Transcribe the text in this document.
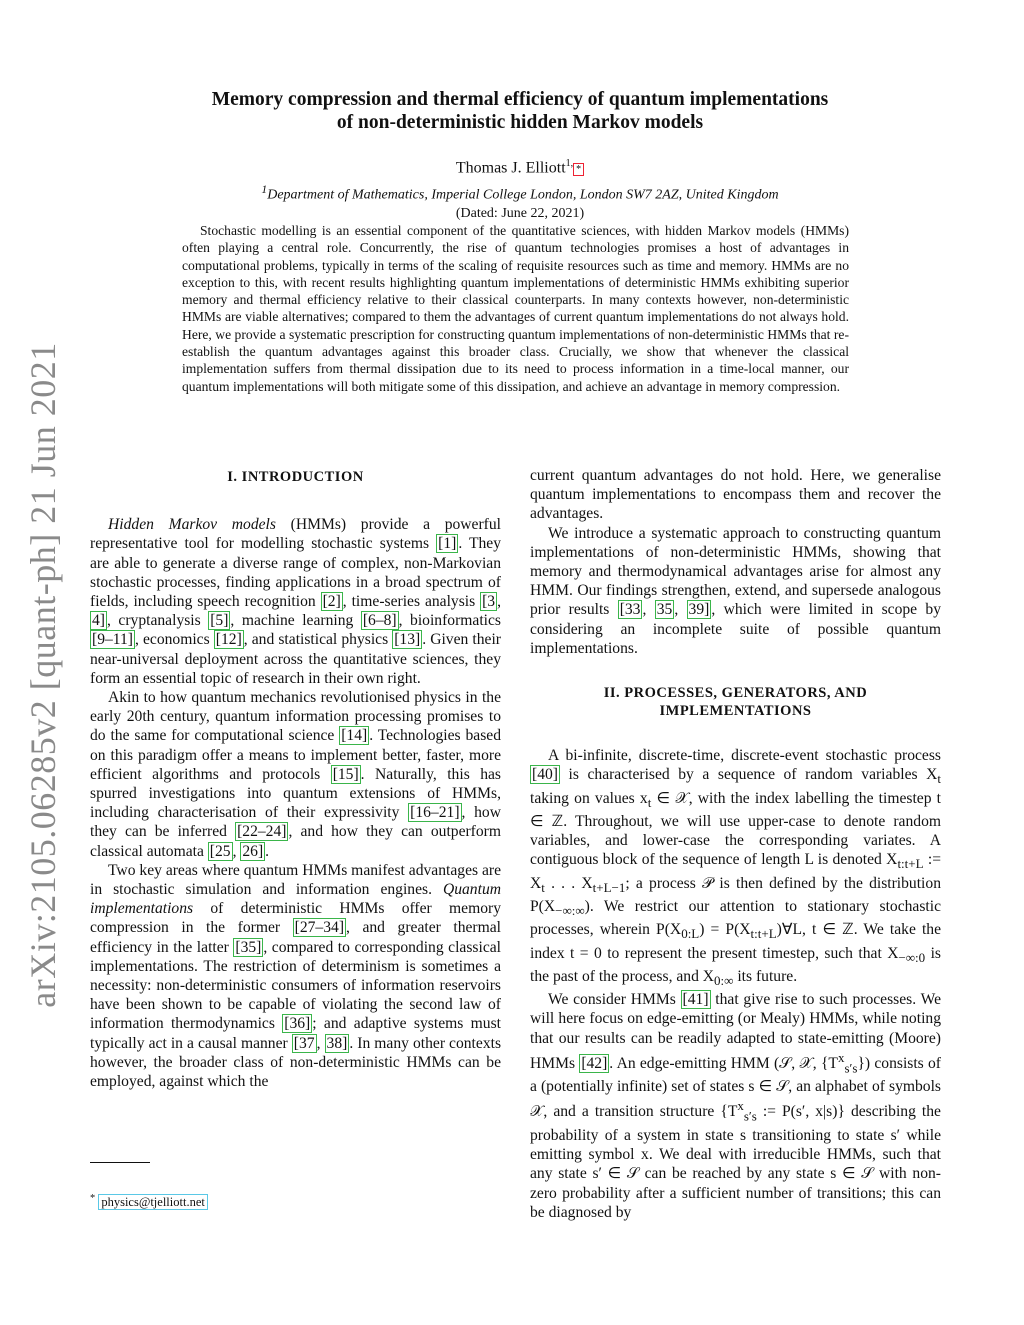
arXiv:2105.06285v2 [quant-ph] 21 Jun 2021
Memory compression and thermal efficiency of quantum implementations
of non-deterministic hidden Markov models
Thomas J. Elliott$^{1,}$*
$^1$Department of Mathematics, Imperial College London, London SW7 2AZ, United Kingdom
(Dated: June 22, 2021)

Stochastic modelling is an essential component of the quantitative sciences, with hidden Markov models (HMMs) often playing a central role. Concurrently, the rise of quantum technologies promises a host of advantages in computational problems, typically in terms of the scaling of requisite resources such as time and memory. HMMs are no exception to this, with recent results highlighting quantum implementations of deterministic HMMs exhibiting superior memory and thermal efficiency relative to their classical counterparts. In many contexts however, non-deterministic HMMs are viable alternatives; compared to them the advantages of current quantum implementations do not always hold. Here, we provide a systematic prescription for constructing quantum implementations of non-deterministic HMMs that re-establish the quantum advantages against this broader class. Crucially, we show that whenever the classical implementation suffers from thermal dissipation due to its need to process information in a time-local manner, our quantum implementations will both mitigate some of this dissipation, and achieve an advantage in memory compression.

I. INTRODUCTION

Hidden Markov models (HMMs) provide a powerful representative tool for modelling stochastic systems [1] . They are able to generate a diverse range of complex, non-Markovian stochastic processes, finding applications in a broad spectrum of fields, including speech recognition [2] , time-series analysis [3 , 4] , cryptanalysis [5] , machine learning [6–8] , bioinformatics [9–11] , economics [12] , and statistical physics [13] . Given their near-universal deployment across the quantitative sciences, they form an essential topic of research in their own right.

Akin to how quantum mechanics revolutionised physics in the early 20th century, quantum information processing promises to do the same for computational science [14] . Technologies based on this paradigm offer a means to implement better, faster, more efficient algorithms and protocols [15] . Naturally, this has spurred investigations into quantum extensions of HMMs, including characterisation of their expressivity [16–21] , how they can be inferred [22–24] , and how they can outperform classical automata [25 , 26] .

Two key areas where quantum HMMs manifest advantages are in stochastic simulation and information engines. Quantum implementations of deterministic HMMs offer memory compression in the former [27–34] , and greater thermal efficiency in the latter [35] , compared to corresponding classical implementations. The restriction of determinism is sometimes a necessity: non-deterministic consumers of information reservoirs have been shown to be capable of violating the second law of information thermodynamics [36] ; and adaptive systems must typically act in a causal manner [37 , 38] . In many other contexts however, the broader class of non-deterministic HMMs can be employed, against which the

current quantum advantages do not hold. Here, we generalise quantum implementations to encompass them and recover the advantages.

We introduce a systematic approach to constructing quantum implementations of non-deterministic HMMs, showing that memory and thermodynamical advantages arise for almost any HMM. Our findings strengthen, extend, and supersede analogous prior results [33 , 35 , 39] , which were limited in scope by considering an incomplete suite of possible quantum implementations.

II. PROCESSES, GENERATORS, AND
IMPLEMENTATIONS

A bi-infinite, discrete-time, discrete-event stochastic process [40] is characterised by a sequence of random variables $X_t$ taking on values $x_t$ ∈ 𝒳, with the index labelling the timestep t ∈ ℤ. Throughout, we will use upper-case to denote random variables, and lower-case the corresponding variates. A contiguous block of the sequence of length L is denoted $X_{t:t+L}$ := $X_t$ . . . $X_{t+L-1}$; a process 𝒫 is then defined by the distribution $P(X_{-\infty:\infty})$. We restrict our attention to stationary stochastic processes, wherein $P(X_{0:L})$ = $P(X_{t:t+L})\forall L$, t ∈ ℤ. We take the index t = 0 to represent the present timestep, such that $X_{-\infty:0}$ is the past of the process, and $X_{0:\infty}$ its future.

We consider HMMs [41] that give rise to such processes. We will here focus on edge-emitting (or Mealy) HMMs, while noting that our results can be readily adapted to state-emitting (Moore) HMMs [42] . An edge-emitting HMM (𝒮, 𝒳, $\{T^x_{s's}\}$) consists of a (potentially infinite) set of states s ∈ 𝒮, an alphabet of symbols 𝒳, and a transition structure {$T^x_{s's}$ := P(s′, x|s)} describing the probability of a system in state s transitioning to state s′ while emitting symbol x. We deal with irreducible HMMs, such that any state s′ ∈ 𝒮 can be reached by any state s ∈ 𝒮 with non-zero probability after a sufficient number of transitions; this can be diagnosed by

* physics@tjelliott.net
